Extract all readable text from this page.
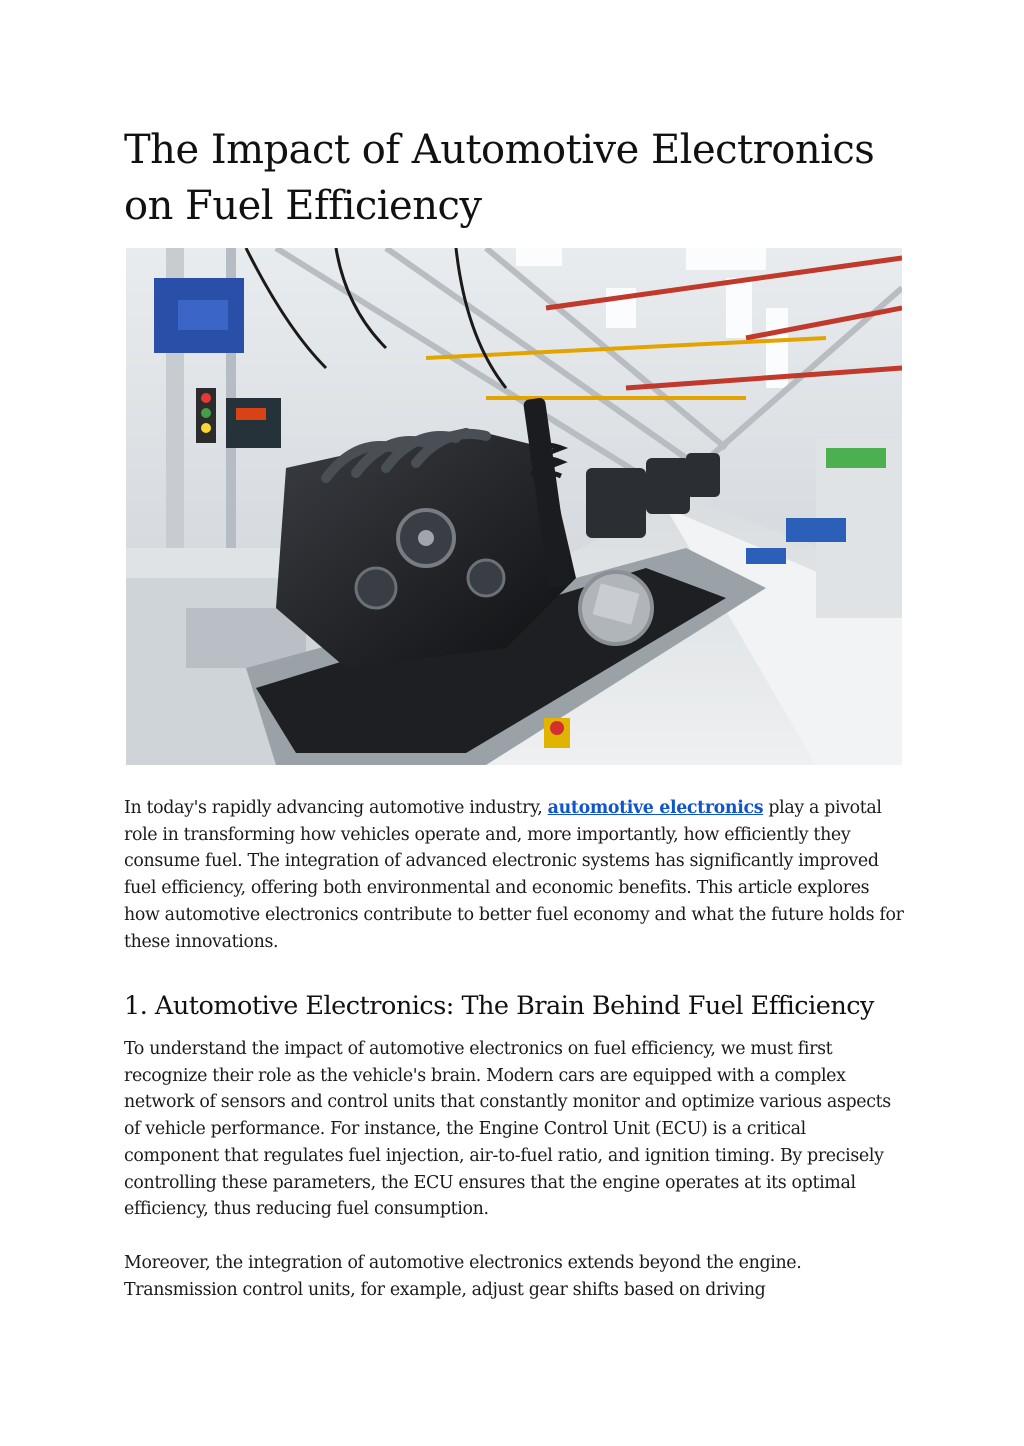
The Impact of Automotive Electronics on Fuel Efficiency

In today's rapidly advancing automotive industry, automotive electronics play a pivotal role in transforming how vehicles operate and, more importantly, how efficiently they consume fuel. The integration of advanced electronic systems has significantly improved fuel efficiency, offering both environmental and economic benefits. This article explores how automotive electronics contribute to better fuel economy and what the future holds for these innovations.

1. Automotive Electronics: The Brain Behind Fuel Efficiency

To understand the impact of automotive electronics on fuel efficiency, we must first recognize their role as the vehicle's brain. Modern cars are equipped with a complex network of sensors and control units that constantly monitor and optimize various aspects of vehicle performance. For instance, the Engine Control Unit (ECU) is a critical component that regulates fuel injection, air-to-fuel ratio, and ignition timing. By precisely controlling these parameters, the ECU ensures that the engine operates at its optimal efficiency, thus reducing fuel consumption.

Moreover, the integration of automotive electronics extends beyond the engine. Transmission control units, for example, adjust gear shifts based on driving
